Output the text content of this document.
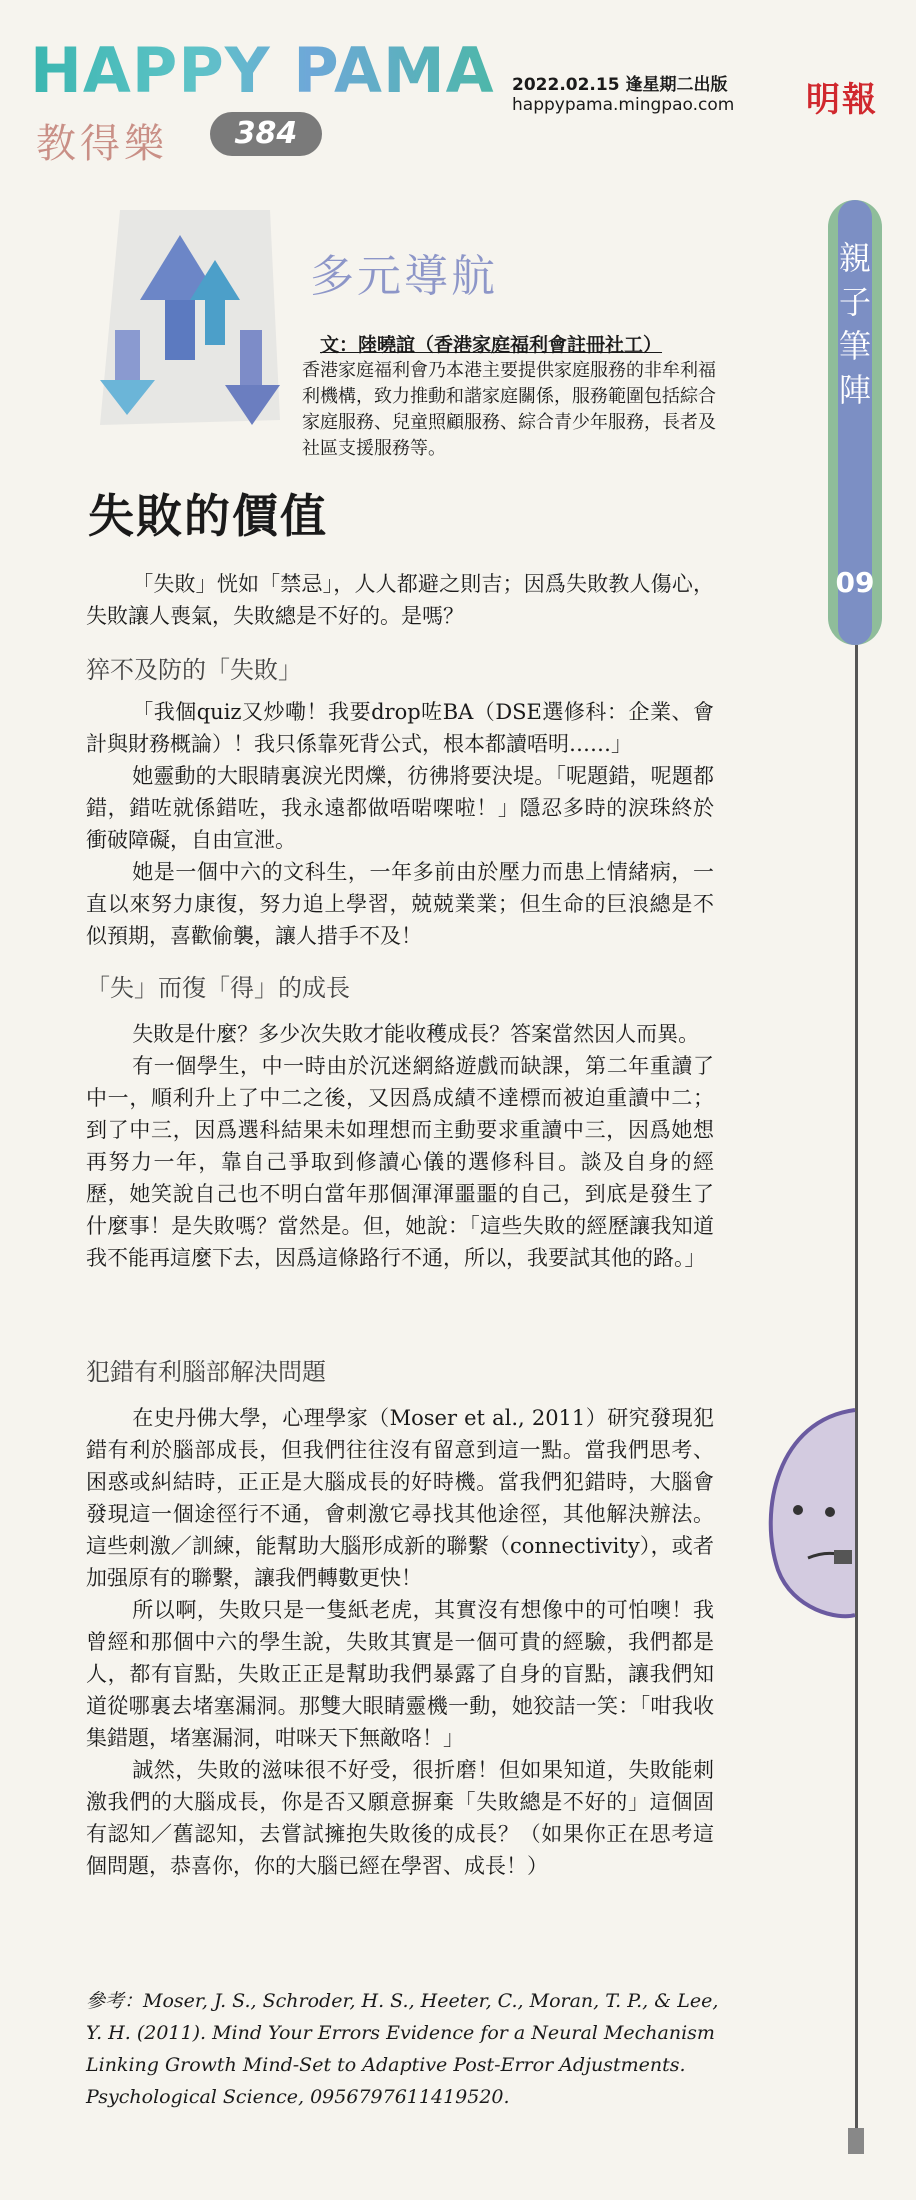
HAPPY PAMA
教得樂	384
2022.02.15 逢星期二出版
happypama.mingpao.com 明報
親子筆陣
09
多元導航
文：陸曉誼（香港家庭福利會註冊社工）
香港家庭福利會乃本港主要提供家庭服務的非牟利福利機構，致力推動和諧家庭關係，服務範圍包括綜合家庭服務、兒童照顧服務、綜合青少年服務，長者及社區支援服務等。
失敗的價值

「失敗」恍如「禁忌」，人人都避之則吉；因爲失敗教人傷心，失敗讓人喪氣，失敗總是不好的。是嗎？

猝不及防的「失敗」

「我個quiz又炒嘞！我要drop咗BA（DSE選修科：企業、會計與財務概論）！我只係靠死背公式，根本都讀唔明……」

她靈動的大眼睛裏淚光閃爍，彷彿將要決堤。「呢題錯，呢題都錯，錯咗就係錯咗，我永遠都做唔啱㗎啦！」隱忍多時的淚珠終於衝破障礙，自由宣泄。

她是一個中六的文科生，一年多前由於壓力而患上情緒病，一直以來努力康復，努力追上學習，兢兢業業；但生命的巨浪總是不似預期，喜歡偷襲，讓人措手不及！

「失」而復「得」的成長

失敗是什麼？多少次失敗才能收穫成長？答案當然因人而異。

有一個學生，中一時由於沉迷網絡遊戲而缺課，第二年重讀了中一，順利升上了中二之後，又因爲成績不達標而被迫重讀中二；到了中三，因爲選科結果未如理想而主動要求重讀中三，因爲她想再努力一年，靠自己爭取到修讀心儀的選修科目。談及自身的經歷，她笑說自己也不明白當年那個渾渾噩噩的自己，到底是發生了什麼事！是失敗嗎？當然是。但，她說：「這些失敗的經歷讓我知道我不能再這麼下去，因爲這條路行不通，所以，我要試其他的路。」

犯錯有利腦部解決問題

在史丹佛大學，心理學家（Moser et al., 2011）研究發現犯錯有利於腦部成長，但我們往往沒有留意到這一點。當我們思考、困惑或糾結時，正正是大腦成長的好時機。當我們犯錯時，大腦會發現這一個途徑行不通，會刺激它尋找其他途徑，其他解決辦法。這些刺激／訓練，能幫助大腦形成新的聯繫（connectivity），或者加强原有的聯繫，讓我們轉數更快！

所以啊，失敗只是一隻紙老虎，其實沒有想像中的可怕噢！我曾經和那個中六的學生說，失敗其實是一個可貴的經驗，我們都是人，都有盲點，失敗正正是幫助我們暴露了自身的盲點，讓我們知道從哪裏去堵塞漏洞。那雙大眼睛靈機一動，她狡詰一笑：「咁我收集錯題，堵塞漏洞，咁咪天下無敵咯！」

誠然，失敗的滋味很不好受，很折磨！但如果知道，失敗能刺激我們的大腦成長，你是否又願意摒棄「失敗總是不好的」這個固有認知／舊認知，去嘗試擁抱失敗後的成長？（如果你正在思考這個問題，恭喜你，你的大腦已經在學習、成長！）

參考：Moser, J. S., Schroder, H. S., Heeter, C., Moran, T. P., & Lee, Y. H. (2011). Mind Your Errors Evidence for a Neural Mechanism Linking Growth Mind-Set to Adaptive Post-Error Adjustments. Psychological Science, 0956797611419520.
